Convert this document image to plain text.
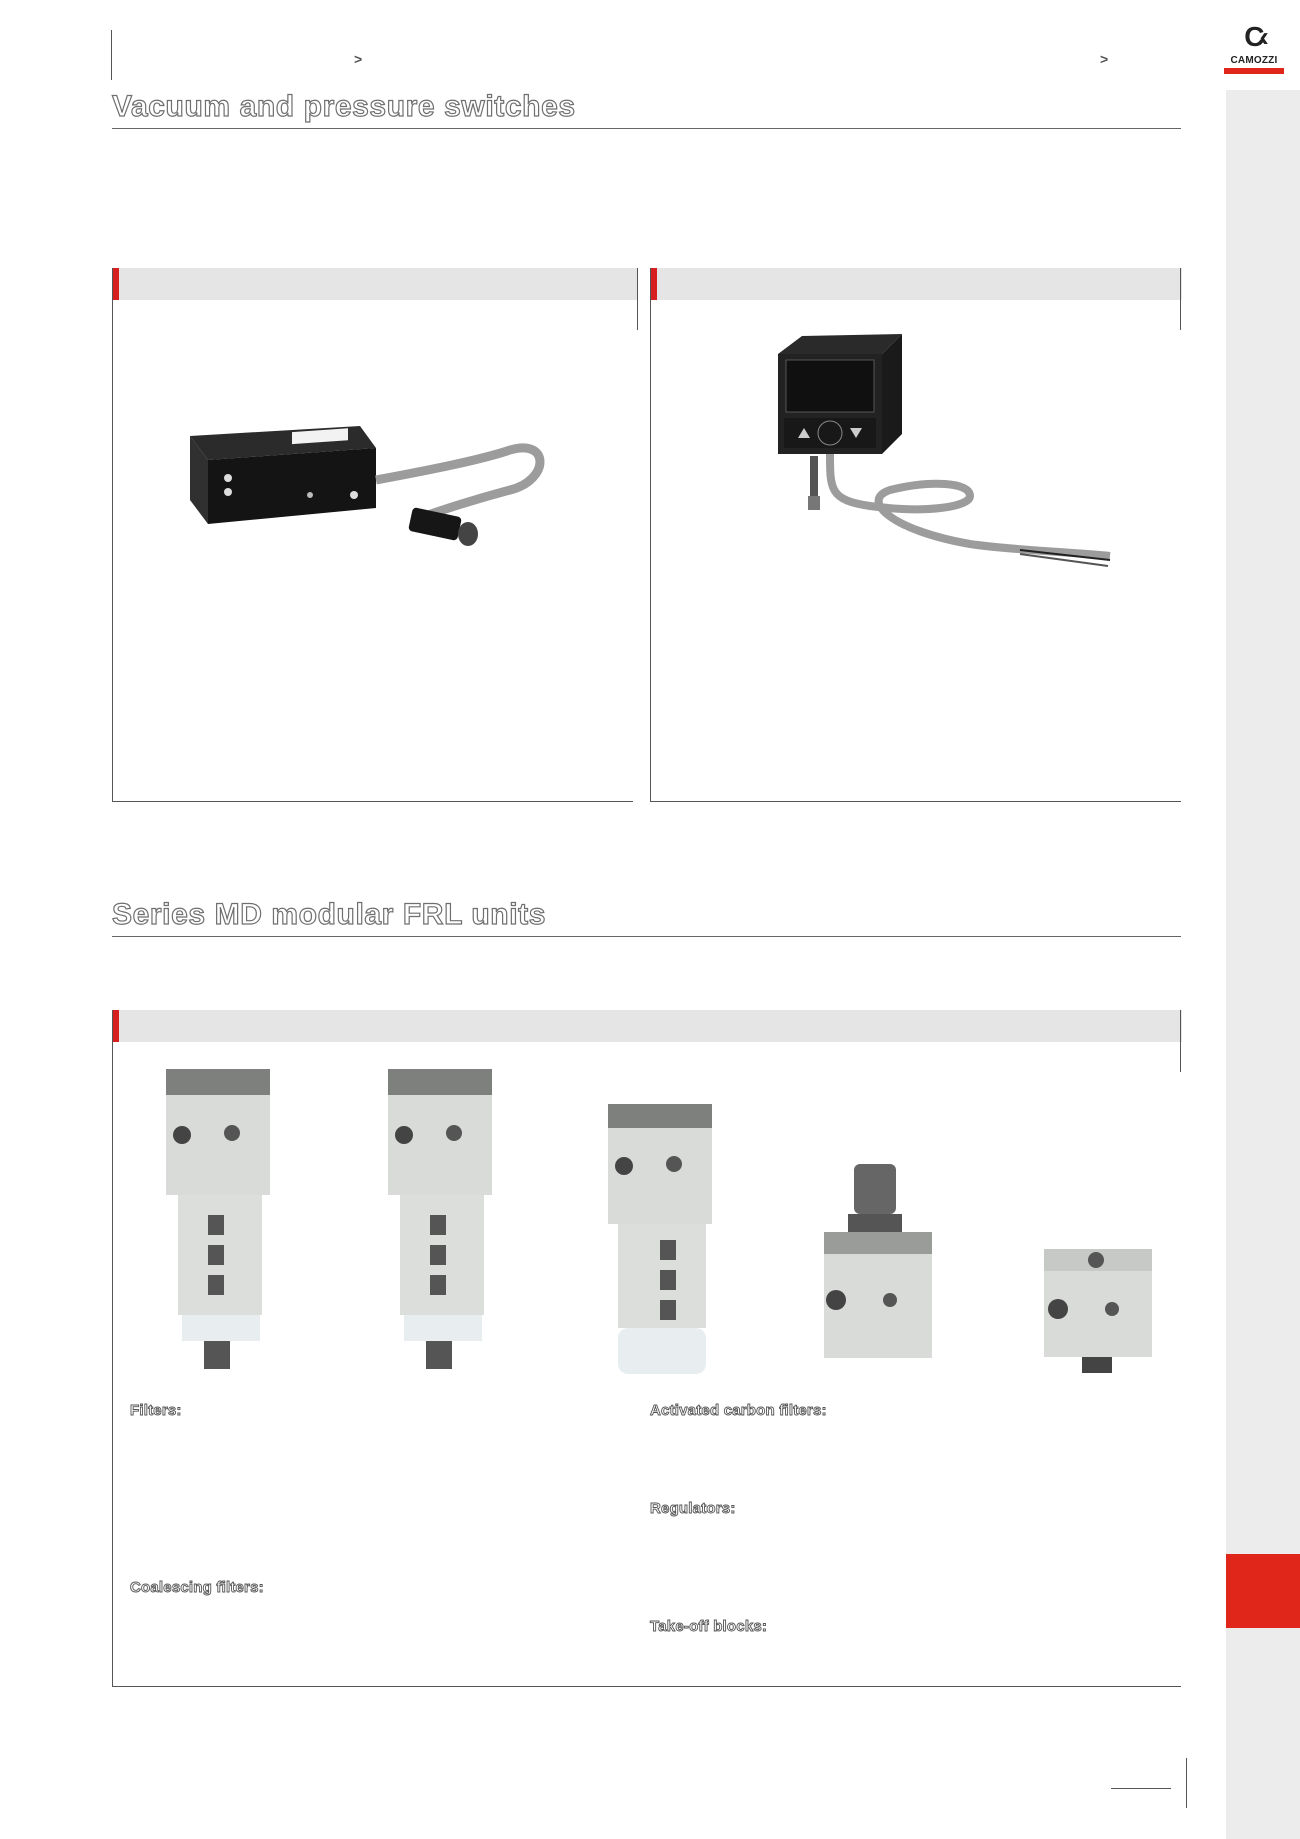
C‹
CAMOZZI
>	>
Vacuum and pressure switches
Series MD modular FRL units
Filters:
Coalescing filters:
Activated carbon filters:
Regulators:
Take-off blocks:
